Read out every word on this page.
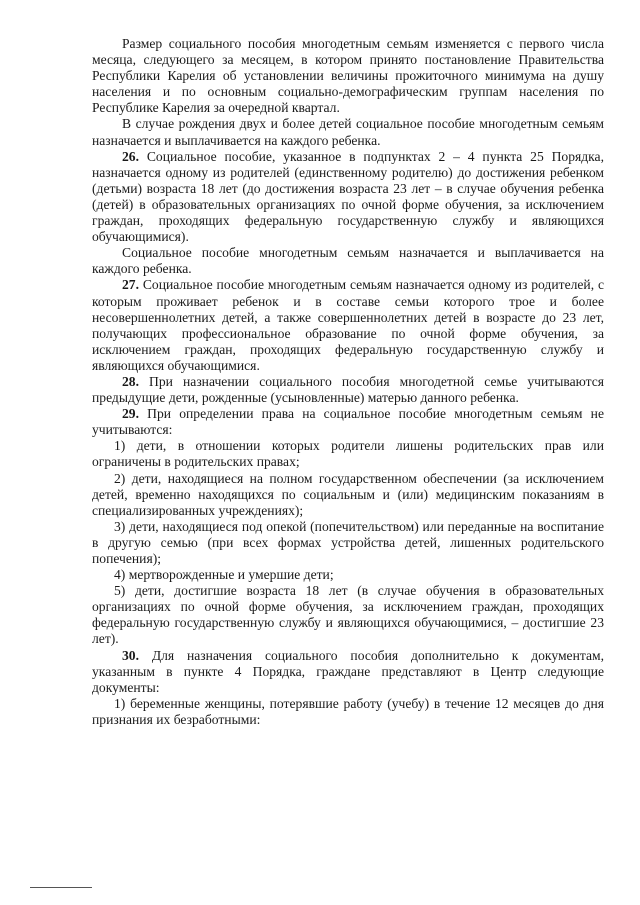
Размер социального пособия многодетным семьям изменяется с первого числа месяца, следующего за месяцем, в котором принято постановление Правительства Республики Карелия об установлении величины прожиточного минимума на душу населения и по основным социально-демографическим группам населения по Республике Карелия за очередной квартал.

В случае рождения двух и более детей социальное пособие многодетным семьям назначается и выплачивается на каждого ребенка.

26. Социальное пособие, указанное в подпунктах 2 – 4 пункта 25 Порядка, назначается одному из родителей (единственному родителю) до достижения ребенком (детьми) возраста 18 лет (до достижения возраста 23 лет – в случае обучения ребенка (детей) в образовательных организациях по очной форме обучения, за исключением граждан, проходящих федеральную государственную службу и являющихся обучающимися).

Социальное пособие многодетным семьям назначается и выплачивается на каждого ребенка.

27. Социальное пособие многодетным семьям назначается одному из родителей, с которым проживает ребенок и в составе семьи которого трое и более несовершеннолетних детей, а также совершеннолетних детей в возрасте до 23 лет, получающих профессиональное образование по очной форме обучения, за исключением граждан, проходящих федеральную государственную службу и являющихся обучающимися.

28. При назначении социального пособия многодетной семье учитываются предыдущие дети, рожденные (усыновленные) матерью данного ребенка.

29. При определении права на социальное пособие многодетным семьям не учитываются:

1) дети, в отношении которых родители лишены родительских прав или ограничены в родительских правах;

2) дети, находящиеся на полном государственном обеспечении (за исключением детей, временно находящихся по социальным и (или) медицинским показаниям в специализированных учреждениях);

3) дети, находящиеся под опекой (попечительством) или переданные на воспитание в другую семью (при всех формах устройства детей, лишенных родительского попечения);

4) мертворожденные и умершие дети;

5) дети, достигшие возраста 18 лет (в случае обучения в образовательных организациях по очной форме обучения, за исключением граждан, проходящих федеральную государственную службу и являющихся обучающимися, – достигшие 23 лет).

30. Для назначения социального пособия дополнительно к документам, указанным в пункте 4 Порядка, граждане представляют в Центр следующие документы:

1) беременные женщины, потерявшие работу (учебу) в течение 12 месяцев до дня признания их безработными:
